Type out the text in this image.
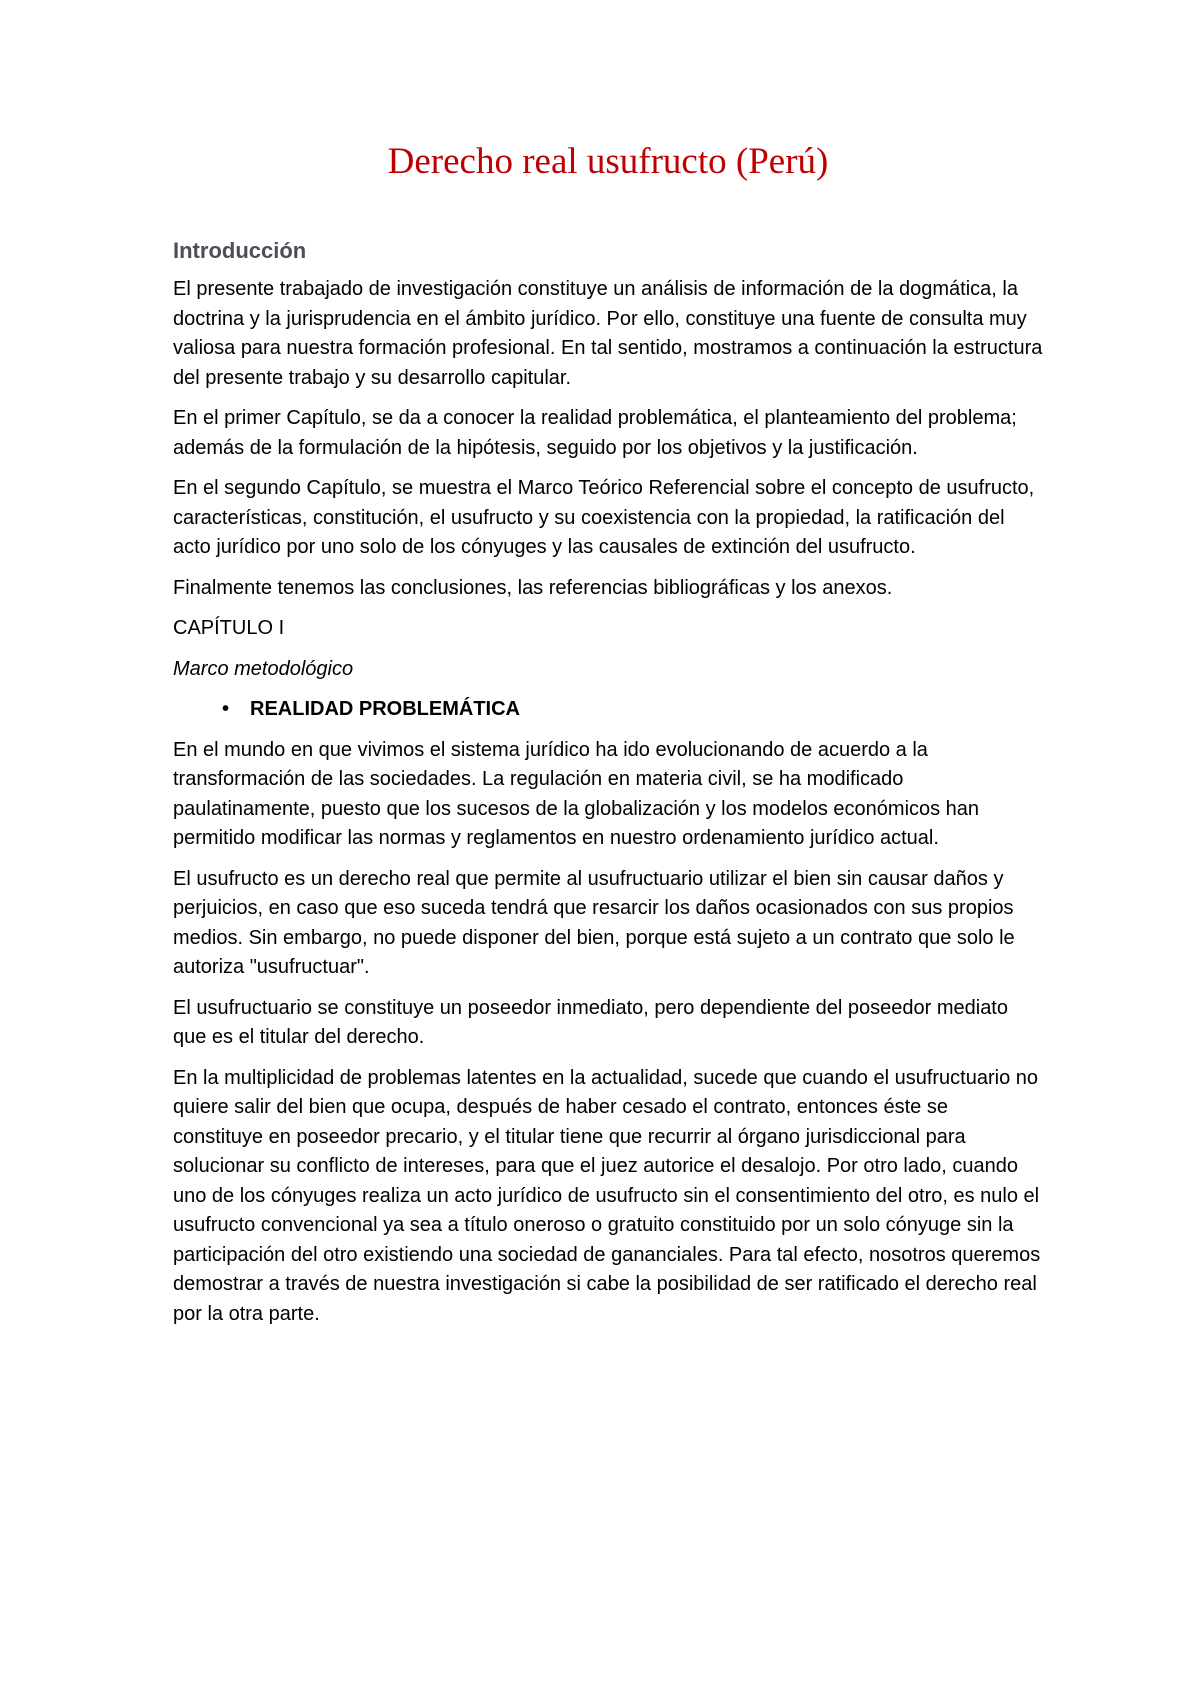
Derecho real usufructo (Perú)
Introducción

El presente trabajado de investigación constituye un análisis de información de la dogmática, la doctrina y la jurisprudencia en el ámbito jurídico. Por ello, constituye una fuente de consulta muy valiosa para nuestra formación profesional. En tal sentido, mostramos a continuación la estructura del presente trabajo y su desarrollo capitular.

En el primer Capítulo, se da a conocer la realidad problemática, el planteamiento del problema; además de la formulación de la hipótesis, seguido por los objetivos y la justificación.

En el segundo Capítulo, se muestra el Marco Teórico Referencial sobre el concepto de usufructo, características, constitución, el usufructo y su coexistencia con la propiedad, la ratificación del acto jurídico por uno solo de los cónyuges y las causales de extinción del usufructo.

Finalmente tenemos las conclusiones, las referencias bibliográficas y los anexos.

CAPÍTULO I
Marco metodológico
• REALIDAD PROBLEMÁTICA

En el mundo en que vivimos el sistema jurídico ha ido evolucionando de acuerdo a la transformación de las sociedades. La regulación en materia civil, se ha modificado paulatinamente, puesto que los sucesos de la globalización y los modelos económicos han permitido modificar las normas y reglamentos en nuestro ordenamiento jurídico actual.

El usufructo es un derecho real que permite al usufructuario utilizar el bien sin causar daños y perjuicios, en caso que eso suceda tendrá que resarcir los daños ocasionados con sus propios medios. Sin embargo, no puede disponer del bien, porque está sujeto a un contrato que solo le autoriza "usufructuar".

El usufructuario se constituye un poseedor inmediato, pero dependiente del poseedor mediato que es el titular del derecho.

En la multiplicidad de problemas latentes en la actualidad, sucede que cuando el usufructuario no quiere salir del bien que ocupa, después de haber cesado el contrato, entonces éste se constituye en poseedor precario, y el titular tiene que recurrir al órgano jurisdiccional para solucionar su conflicto de intereses, para que el juez autorice el desalojo. Por otro lado, cuando uno de los cónyuges realiza un acto jurídico de usufructo sin el consentimiento del otro, es nulo el usufructo convencional ya sea a título oneroso o gratuito constituido por un solo cónyuge sin la participación del otro existiendo una sociedad de gananciales. Para tal efecto, nosotros queremos demostrar a través de nuestra investigación si cabe la posibilidad de ser ratificado el derecho real por la otra parte.
